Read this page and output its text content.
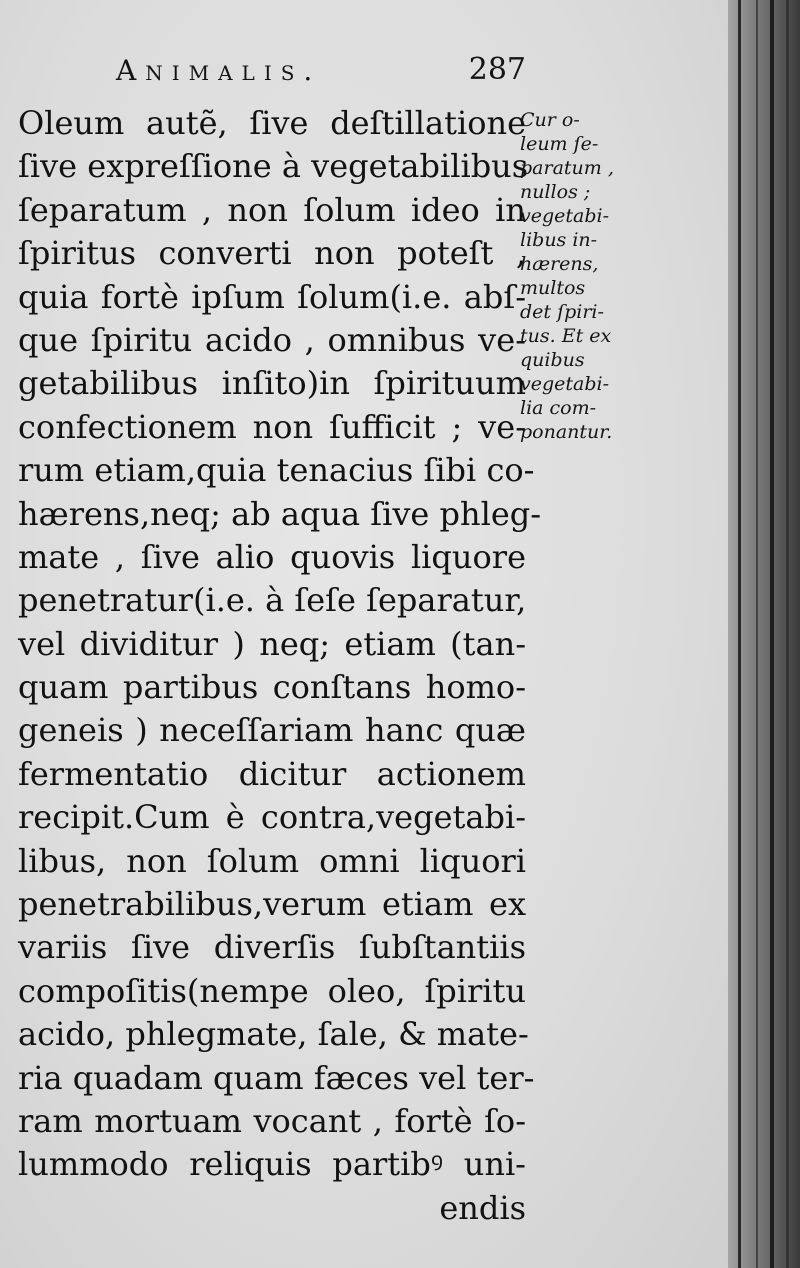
Animalis.	287
Oleum autẽ, ſive deſtillatione
ſive expreſſione à vegetabilibus
ſeparatum , non ſolum ideo in
ſpiritus converti non poteſt ,
quia fortè ipſum ſolum(i.e. abſ-
que ſpiritu acido , omnibus ve-
getabilibus inſito)in ſpirituum
confectionem non ſufficit ; ve-
rum etiam,quia tenacius ſibi co-
hærens,neq; ab aqua ſive phleg-
mate , ſive alio quovis liquore
penetratur(i.e. à ſeſe ſeparatur,
vel dividitur ) neq; etiam (tan-
quam partibus conſtans homo-
geneis ) neceſſariam hanc quæ
fermentatio dicitur actionem
recipit.Cum è contra,vegetabi-
libus, non ſolum omni liquori
penetrabilibus,verum etiam ex
variis ſive diverſis ſubſtantiis
compoſitis(nempe oleo, ſpiritu
acido, phlegmate, ſale, & mate-
ria quadam quam fæces vel ter-
ram mortuam vocant , fortè ſo-
lummodo reliquis partibꝰ uni-
endis
Cur o-
leum ſe-
paratum ,
nullos ;
vegetabi-
libus in-
hærens,
multos
det ſpiri-
tus. Et ex
quibus
vegetabi-
lia com-
ponantur.
